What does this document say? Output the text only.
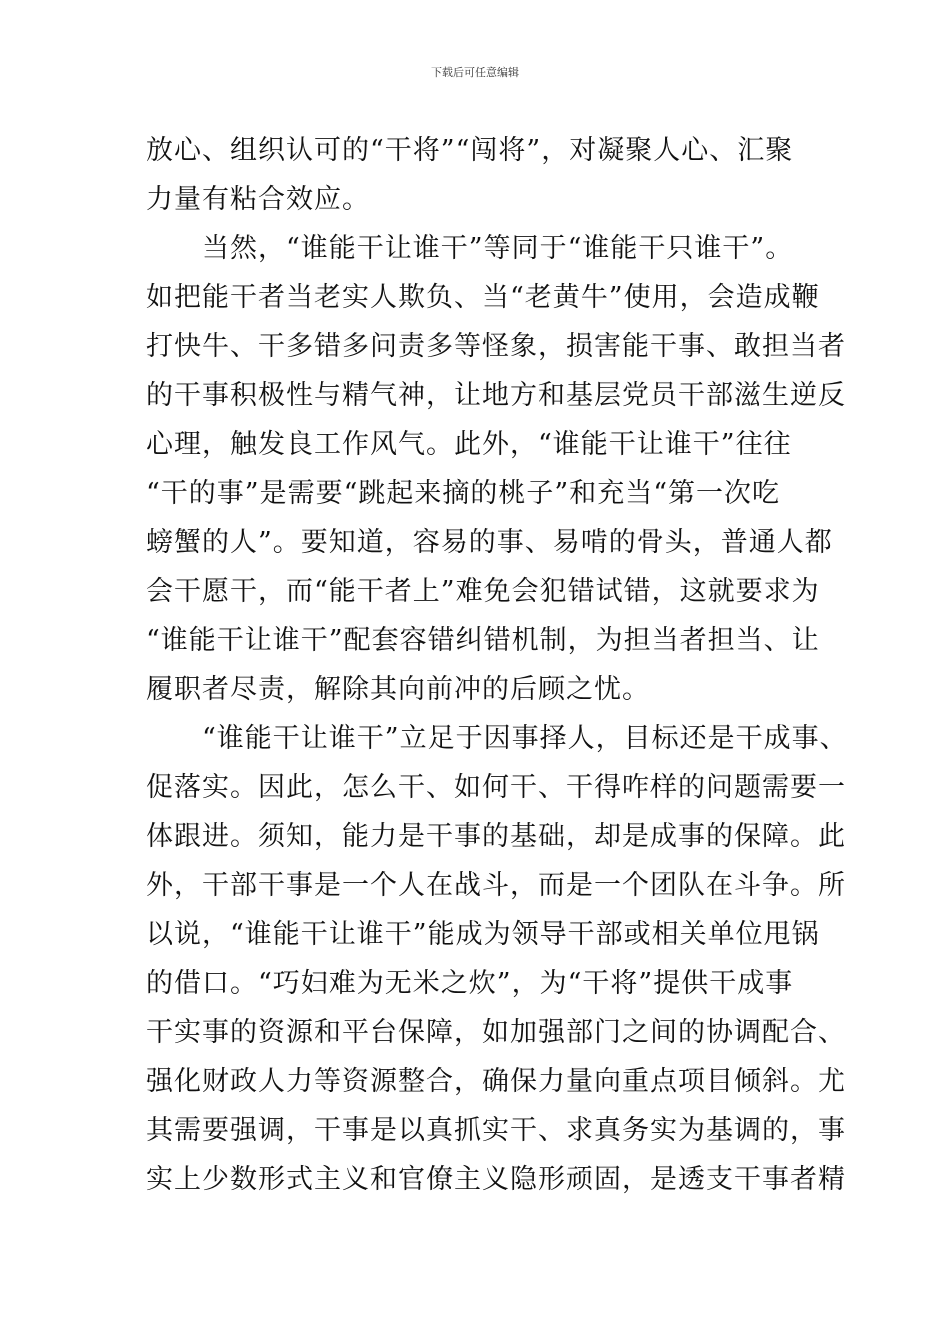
下载后可任意编辑
放心、组织认可的“干将”“闯将”，对凝聚人心、汇聚
力量有粘合效应。
　　当然，“谁能干让谁干”等同于“谁能干只谁干”。
如把能干者当老实人欺负、当“老黄牛”使用，会造成鞭
打快牛、干多错多问责多等怪象，损害能干事、敢担当者
的干事积极性与精气神，让地方和基层党员干部滋生逆反
心理，触发良工作风气。此外，“谁能干让谁干”往往
“干的事”是需要“跳起来摘的桃子”和充当“第一次吃
螃蟹的人”。要知道，容易的事、易啃的骨头，普通人都
会干愿干，而“能干者上”难免会犯错试错，这就要求为
“谁能干让谁干”配套容错纠错机制，为担当者担当、让
履职者尽责，解除其向前冲的后顾之忧。
　　“谁能干让谁干”立足于因事择人，目标还是干成事、
促落实。因此，怎么干、如何干、干得咋样的问题需要一
体跟进。须知，能力是干事的基础，却是成事的保障。此
外，干部干事是一个人在战斗，而是一个团队在斗争。所
以说，“谁能干让谁干”能成为领导干部或相关单位甩锅
的借口。“巧妇难为无米之炊”，为“干将”提供干成事
干实事的资源和平台保障，如加强部门之间的协调配合、
强化财政人力等资源整合，确保力量向重点项目倾斜。尤
其需要强调，干事是以真抓实干、求真务实为基调的，事
实上少数形式主义和官僚主义隐形顽固，是透支干事者精
